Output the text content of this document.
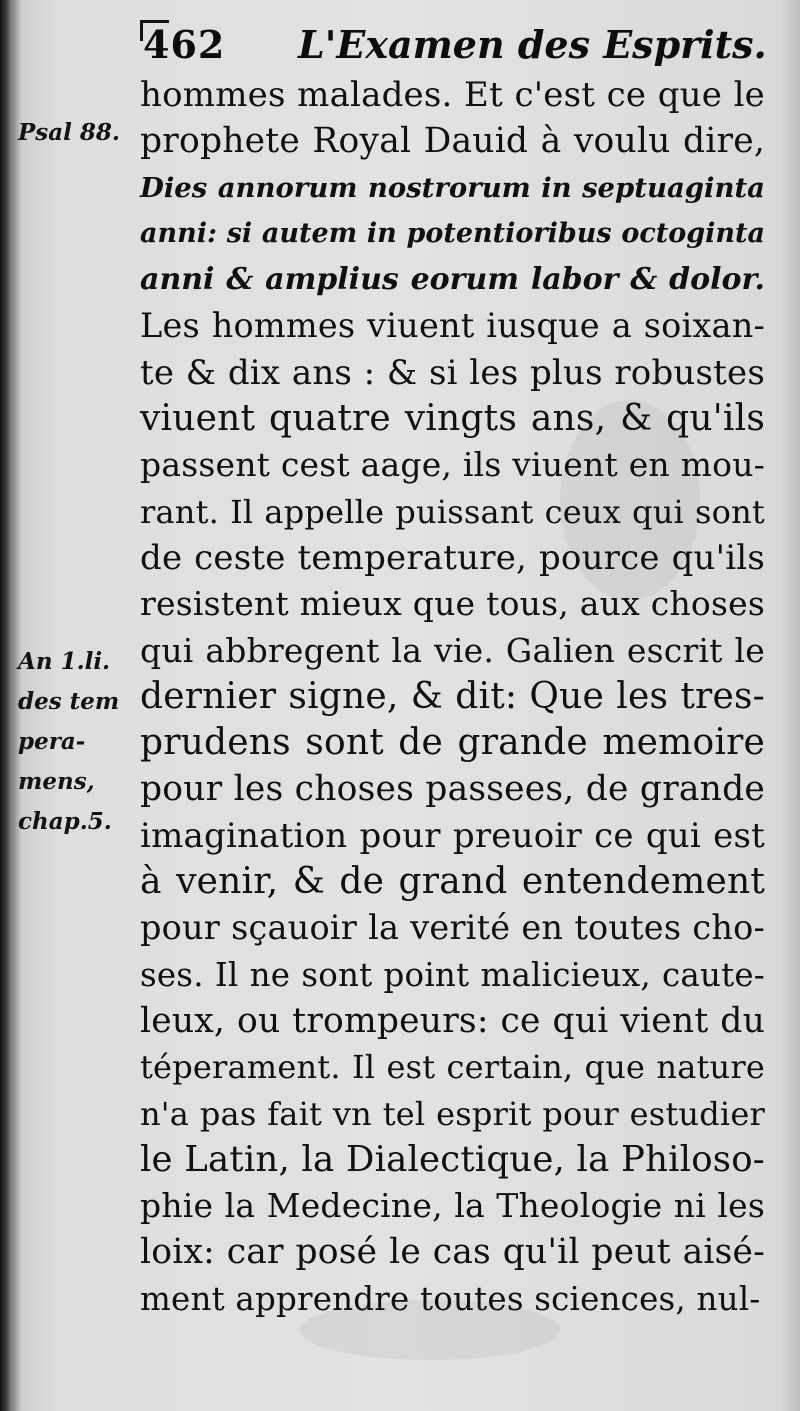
462 L'Examen des Esprits.
Psal 88.
An 1.li.
des tem
pera-
mens,
chap.5.
hommes malades. Et c'est ce que le
prophete Royal Dauid à voulu dire,
Dies annorum nostrorum in septuaginta
anni: si autem in potentioribus octoginta
anni & amplius eorum labor & dolor.
Les hommes viuent iusque a soixan-
te & dix ans : & si les plus robustes
viuent quatre vingts ans, & qu'ils
passent cest aage, ils viuent en mou-
rant. Il appelle puissant ceux qui sont
de ceste temperature, pource qu'ils
resistent mieux que tous, aux choses
qui abbregent la vie. Galien escrit le
dernier signe, & dit: Que les tres-
prudens sont de grande memoire
pour les choses passees, de grande
imagination pour preuoir ce qui est
à venir, & de grand entendement
pour sçauoir la verité en toutes cho-
ses. Il ne sont point malicieux, caute-
leux, ou trompeurs: ce qui vient du
téperament. Il est certain, que nature
n'a pas fait vn tel esprit pour estudier
le Latin, la Dialectique, la Philoso-
phie la Medecine, la Theologie ni les
loix: car posé le cas qu'il peut aisé-
ment apprendre toutes sciences, nul-
